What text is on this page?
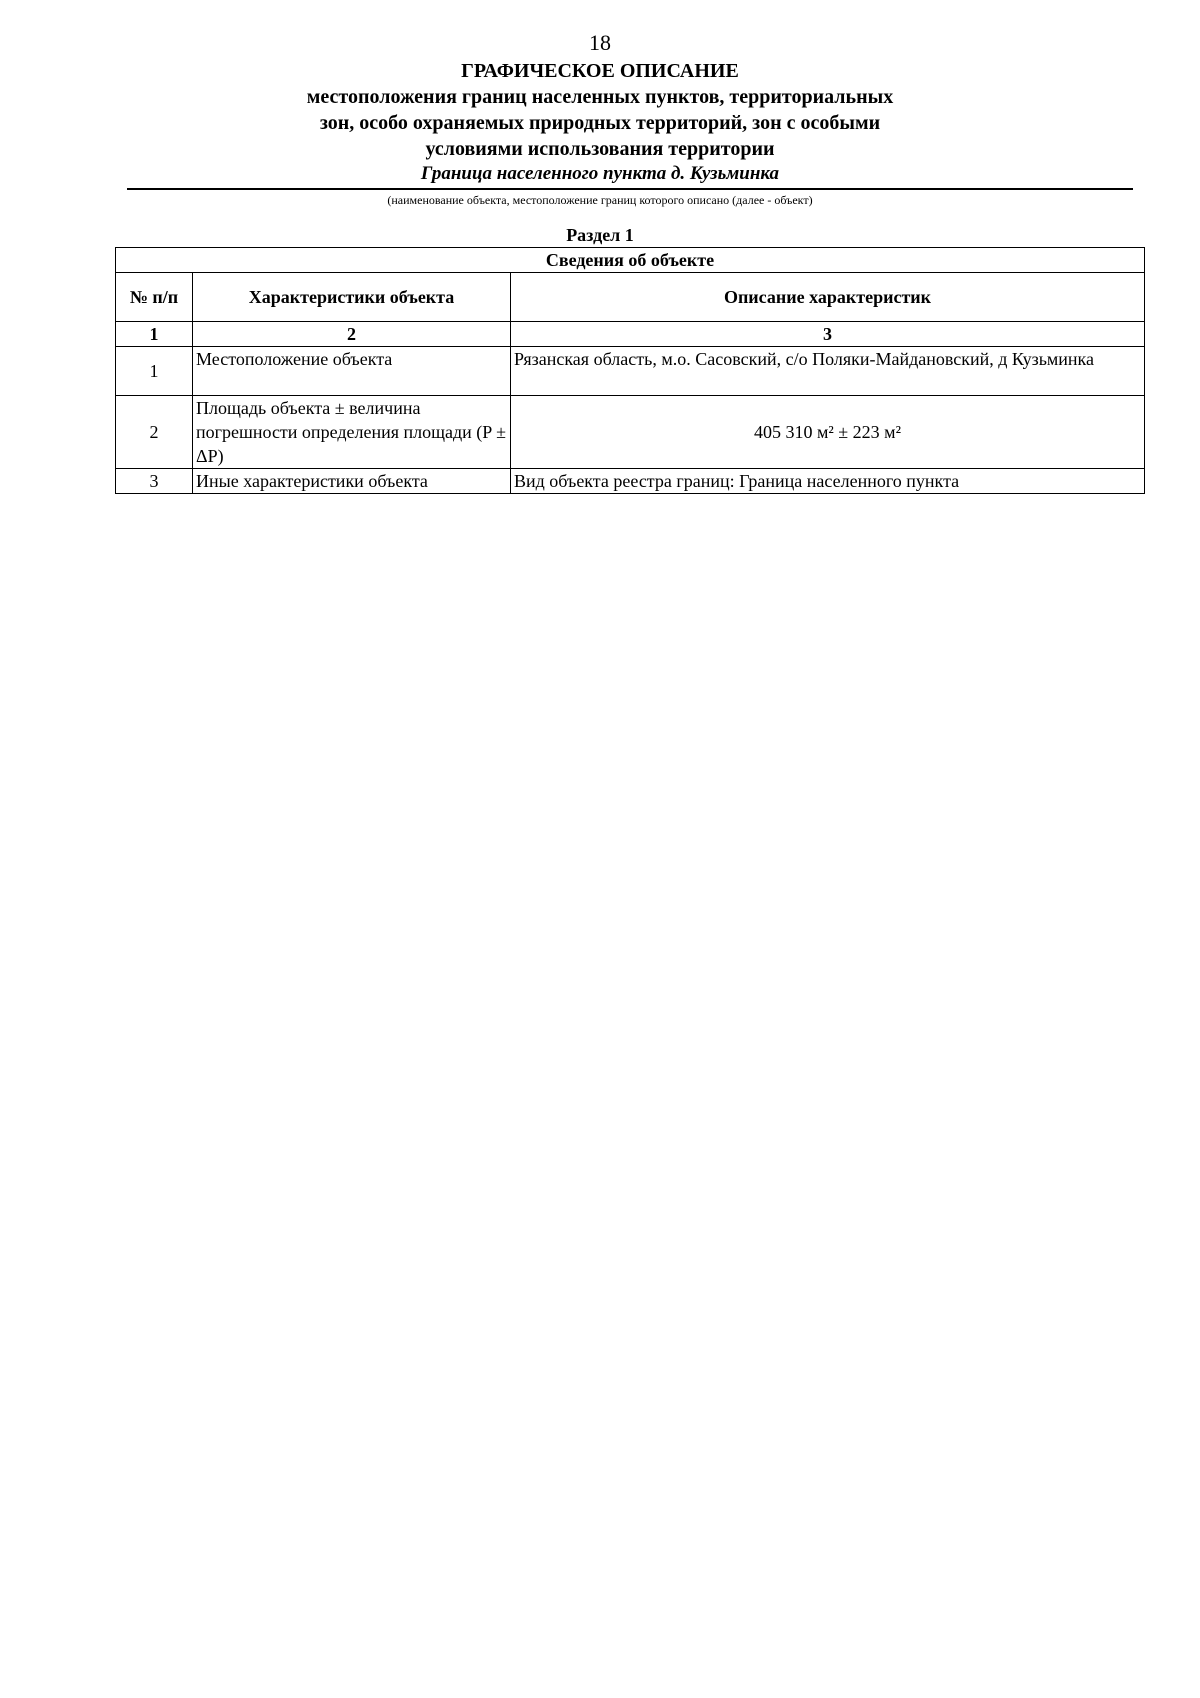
18
ГРАФИЧЕСКОЕ ОПИСАНИЕ
местоположения границ населенных пунктов, территориальных
зон, особо охраняемых природных территорий, зон с особыми
условиями использования территории
Граница населенного пункта д. Кузьминка
(наименование объекта, местоположение границ которого описано (далее - объект)
Раздел 1
Сведения об объекте		
№ п/п	Характеристики объекта	Описание характеристик
1	2	3
1	Местоположение объекта	Рязанская область, м.о. Сасовский, с/о Поляки-Майдановский, д Кузьминка
2	Площадь объекта ± величина погрешности определения площади (P ± ΔP)	405 310 м² ± 223 м²
3	Иные характеристики объекта	Вид объекта реестра границ: Граница населенного пункта
